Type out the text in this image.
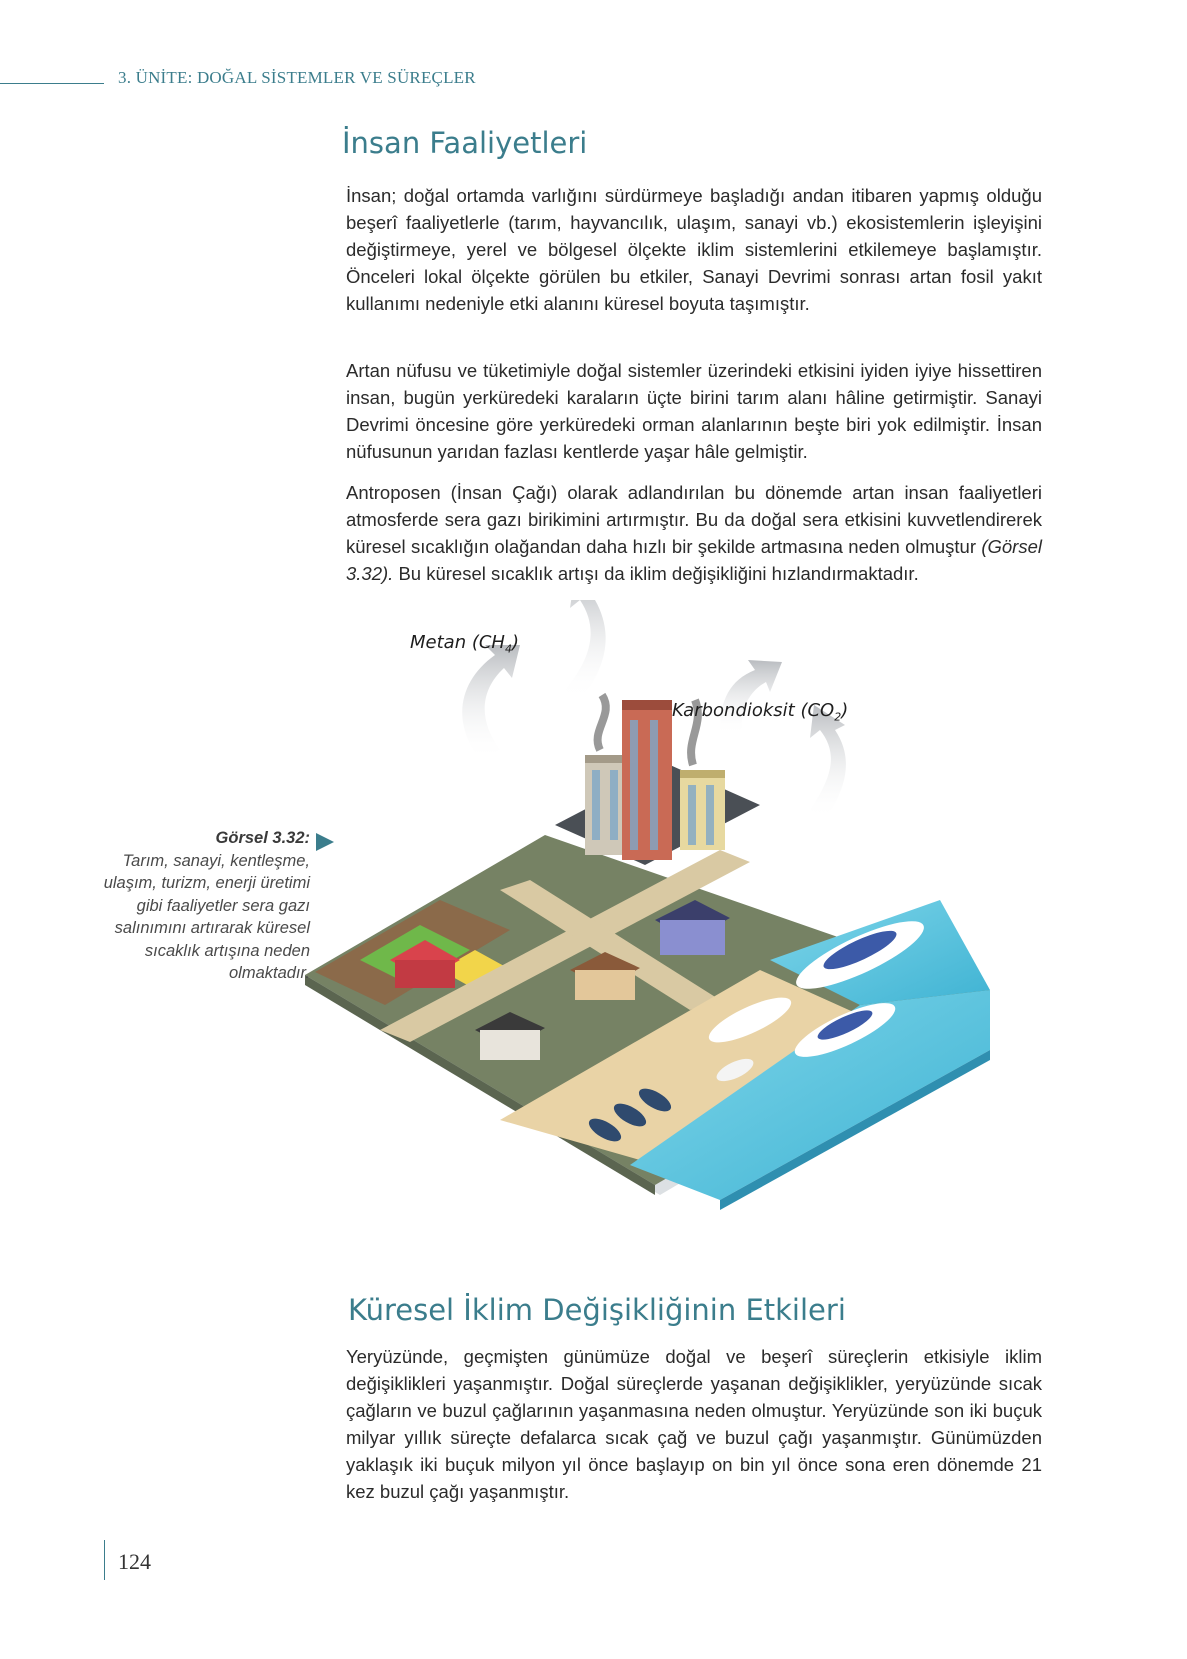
3. ÜNİTE: DOĞAL SİSTEMLER VE SÜREÇLER
İnsan Faaliyetleri

İnsan; doğal ortamda varlığını sürdürmeye başladığı andan itibaren yapmış olduğu beşerî faaliyetlerle (tarım, hayvancılık, ulaşım, sanayi vb.) ekosistemlerin işleyişini değiştirmeye, yerel ve bölgesel ölçekte iklim sistemlerini etkilemeye başlamıştır. Önceleri lokal ölçekte görülen bu etkiler, Sanayi Devrimi sonrası artan fosil yakıt kullanımı nedeniyle etki alanını küresel boyuta taşımıştır.

Artan nüfusu ve tüketimiyle doğal sistemler üzerindeki etkisini iyiden iyiye hissettiren insan, bugün yerküredeki karaların üçte birini tarım alanı hâline getirmiştir. Sanayi Devrimi öncesine göre yerküredeki orman alanlarının beşte biri yok edilmiştir. İnsan nüfusunun yarıdan fazlası kentlerde yaşar hâle gelmiştir.

Antroposen (İnsan Çağı) olarak adlandırılan bu dönemde artan insan faaliyetleri atmosferde sera gazı birikimini artırmıştır. Bu da doğal sera etkisini kuvvetlendirerek küresel sıcaklığın olağandan daha hızlı bir şekilde artmasına neden olmuştur (Görsel 3.32). Bu küresel sıcaklık artışı da iklim değişikliğini hızlandırmaktadır.

Metan $(CH_4)$
Karbondioksit $(CO_2)$
Görsel 3.32:
Tarım, sanayi, kentleşme, ulaşım, turizm, enerji üretimi gibi faaliyetler sera gazı salınımını artırarak küresel sıcaklık artışına neden olmaktadır.
Küresel İklim Değişikliğinin Etkileri

Yeryüzünde, geçmişten günümüze doğal ve beşerî süreçlerin etkisiyle iklim değişiklikleri yaşanmıştır. Doğal süreçlerde yaşanan değişiklikler, yeryüzünde sıcak çağların ve buzul çağlarının yaşanmasına neden olmuştur. Yeryüzünde son iki buçuk milyar yıllık süreçte defalarca sıcak çağ ve buzul çağı yaşanmıştır. Günümüzden yaklaşık iki buçuk milyon yıl önce başlayıp on bin yıl önce sona eren dönemde 21 kez buzul çağı yaşanmıştır.

124
